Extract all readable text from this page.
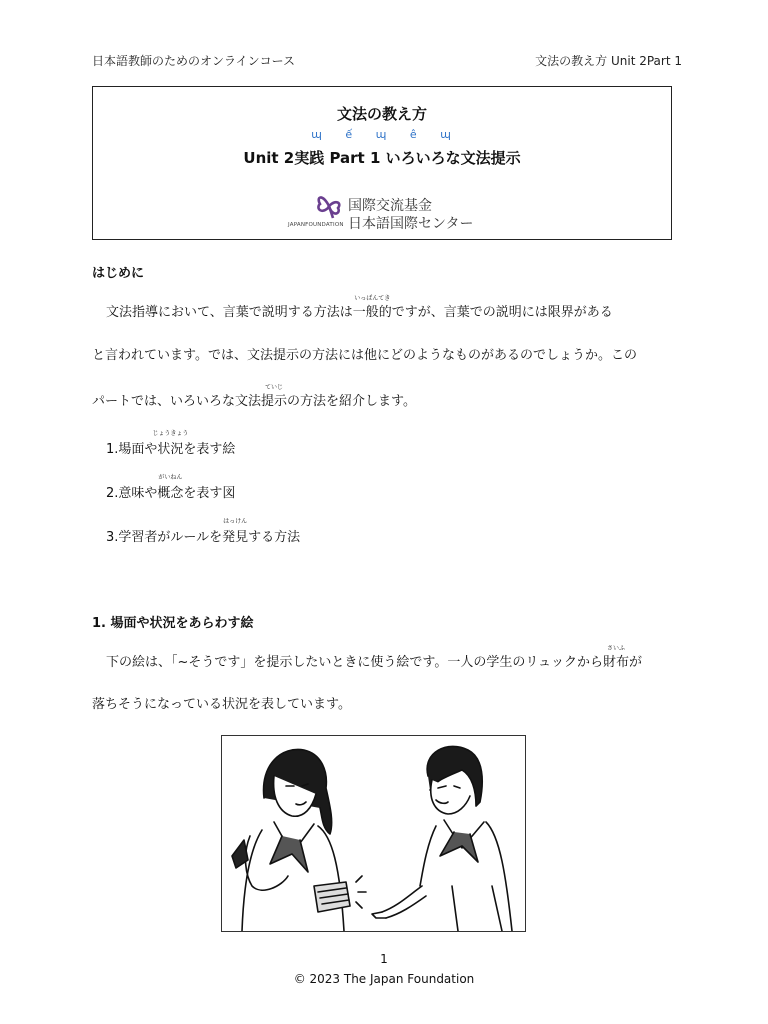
日本語教師のためのオンラインコース	文法の教え方 Unit 2Part 1
文法の教え方
ɰ ế ɰ ê ɰ
Unit 2実践 Part 1 いろいろな文法提示
JAPANFOUNDATION
国際交流基金
日本語国際センター
はじめに
文法指導において、言葉で説明する方法は
いっぱんてき
一般的ですが、言葉での説明には限界がある
と言われています。では、文法提示の方法には他にどのようなものがあるのでしょうか。この
パートでは、いろいろな文法
ていじ
提示の方法を紹介します。
1.場面や
じょうきょう
状況を表す絵
2.意味や
がいねん
概念を表す図
3.学習者がルールを
はっけん
発見する方法
1. 場面や状況をあらわす絵
下の絵は、「~そうです」を提示したいときに使う絵です。一人の学生のリュックから
さいふ
財布が
落ちそうになっている状況を表しています。
1
© 2023 The Japan Foundation
